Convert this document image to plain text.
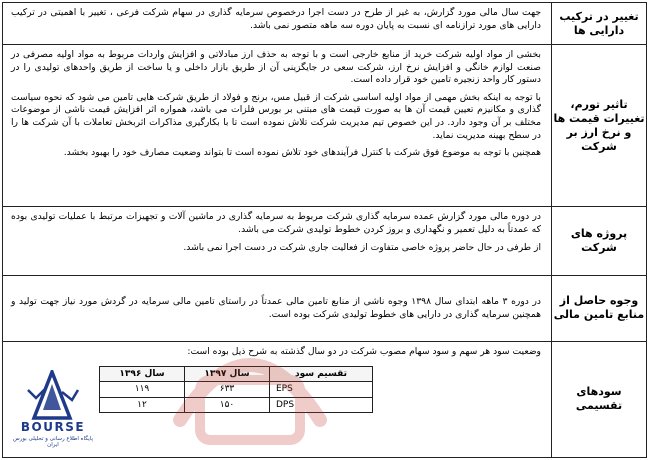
تغییر در ترکیب دارایی ها	

جهت سال مالی مورد گزارش، به غیر از طرح در دست اجرا درخصوص سرمایه گذاری در سهام شرکت فرعی ، تغییر با اهمیتی در ترکیب دارایی های مورد ترازنامه ای نسبت به پایان دوره سه ماهه متصور نمی باشد.

تاثیر تورم، تغییرات قیمت ها و نرخ ارز بر شرکت	

بخشی از مواد اولیه شرکت خرید از منابع خارجی است و با توجه به حذف ارز مبادلاتی و افزایش واردات مربوط به مواد اولیه مصرفی در صنعت لوازم خانگی و افزایش نرخ ارز، شرکت سعی در جایگزینی آن از طریق بازار داخلی و یا ساخت از طریق واحدهای تولیدی را در دستور کار واحد زنجیره تامین خود قرار داده است.

با توجه به اینکه بخش مهمی از مواد اولیه اساسی شرکت از قبیل مس، برنج و فولاد از طریق شرکت هایی تامین می شود که نحوه سیاست گذاری و مکانیزم تعیین قیمت آن ها به صورت قیمت های مبتنی بر بورس فلزات می باشد، همواره اثر افزایش قیمت ناشی از موضوعات مختلف بر آن وجود دارد. در این خصوص تیم مدیریت شرکت تلاش نموده است تا با بکارگیری مذاکرات اثربخش تعاملات با آن شرکت ها را در سطح بهینه مدیریت نماید.

همچنین با توجه به موضوع فوق شرکت با کنترل فرآیندهای خود تلاش نموده است تا بتواند وضعیت مصارف خود را بهبود بخشد.

پروژه های شرکت	

در دوره مالی مورد گزارش عمده سرمایه گذاری شرکت مربوط به سرمایه گذاری در ماشین آلات و تجهیزات مرتبط با عملیات تولیدی بوده که عمدتاً به دلیل تعمیر و نگهداری و بروز کردن خطوط تولیدی شرکت می باشد.

از طرفی در حال حاضر پروژه خاصی متفاوت از فعالیت جاری شرکت در دست اجرا نمی باشد.

وجوه حاصل از منابع تامین مالی	

در دوره ۳ ماهه ابتدای سال ۱۳۹۸ وجوه ناشی از منابع تامین مالی عمدتاً در راستای تامین مالی سرمایه در گردش مورد نیاز جهت تولید و همچنین سرمایه گذاری در دارایی های خطوط تولیدی شرکت بوده است.

سودهای تقسیمی	

وضعیت سود هر سهم و سود سهام مصوب شرکت در دو سال گذشته به شرح ذیل بوده است:

تقسیم سود	سال ۱۳۹۷	سال ۱۳۹۶
EPS	۶۳۳	۱۱۹
DPS	۱۵۰	۱۲
BOURSE
پایگاه اطلاع رسانی و تحلیلی بورس ایران
